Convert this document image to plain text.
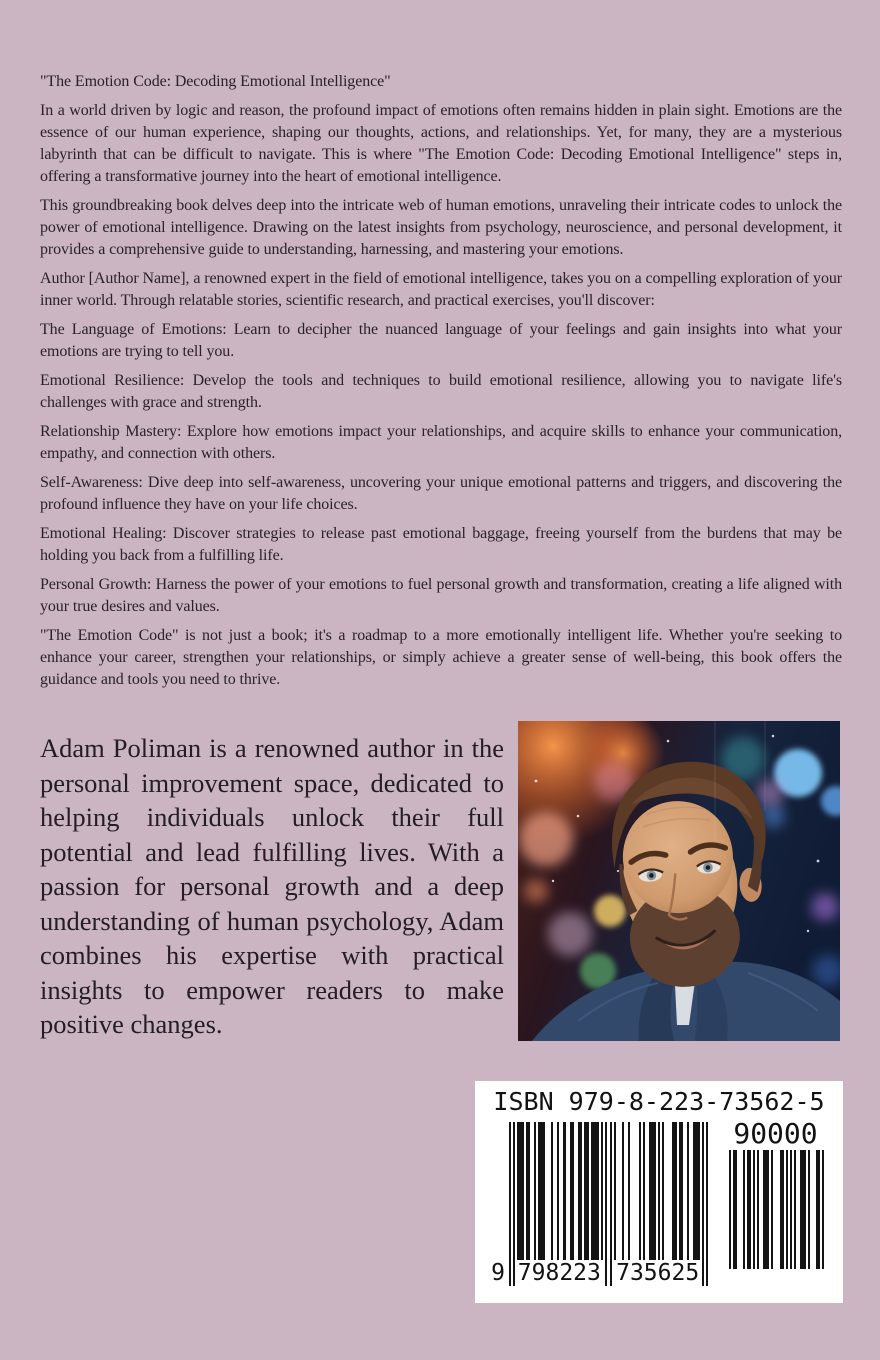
"The Emotion Code: Decoding Emotional Intelligence"

In a world driven by logic and reason, the profound impact of emotions often remains hidden in plain sight. Emotions are the essence of our human experience, shaping our thoughts, actions, and relationships. Yet, for many, they are a mysterious labyrinth that can be difficult to navigate. This is where "The Emotion Code: Decoding Emotional Intelligence" steps in, offering a transformative journey into the heart of emotional intelligence.

This groundbreaking book delves deep into the intricate web of human emotions, unraveling their intricate codes to unlock the power of emotional intelligence. Drawing on the latest insights from psychology, neuroscience, and personal development, it provides a comprehensive guide to understanding, harnessing, and mastering your emotions.

Author [Author Name], a renowned expert in the field of emotional intelligence, takes you on a compelling exploration of your inner world. Through relatable stories, scientific research, and practical exercises, you'll discover:

The Language of Emotions: Learn to decipher the nuanced language of your feelings and gain insights into what your emotions are trying to tell you.

Emotional Resilience: Develop the tools and techniques to build emotional resilience, allowing you to navigate life's challenges with grace and strength.

Relationship Mastery: Explore how emotions impact your relationships, and acquire skills to enhance your communication, empathy, and connection with others.

Self-Awareness: Dive deep into self-awareness, uncovering your unique emotional patterns and triggers, and discovering the profound influence they have on your life choices.

Emotional Healing: Discover strategies to release past emotional baggage, freeing yourself from the burdens that may be holding you back from a fulfilling life.

Personal Growth: Harness the power of your emotions to fuel personal growth and transformation, creating a life aligned with your true desires and values.

"The Emotion Code" is not just a book; it's a roadmap to a more emotionally intelligent life. Whether you're seeking to enhance your career, strengthen your relationships, or simply achieve a greater sense of well-being, this book offers the guidance and tools you need to thrive.

Adam Poliman is a renowned author in the personal improvement space, dedicated to helping individuals unlock their full potential and lead fulfilling lives. With a passion for personal growth and a deep understanding of human psychology, Adam combines his expertise with practical insights to empower readers to make positive changes.
ISBN 979-8-223-73562-5
9 798223 735625
90000
